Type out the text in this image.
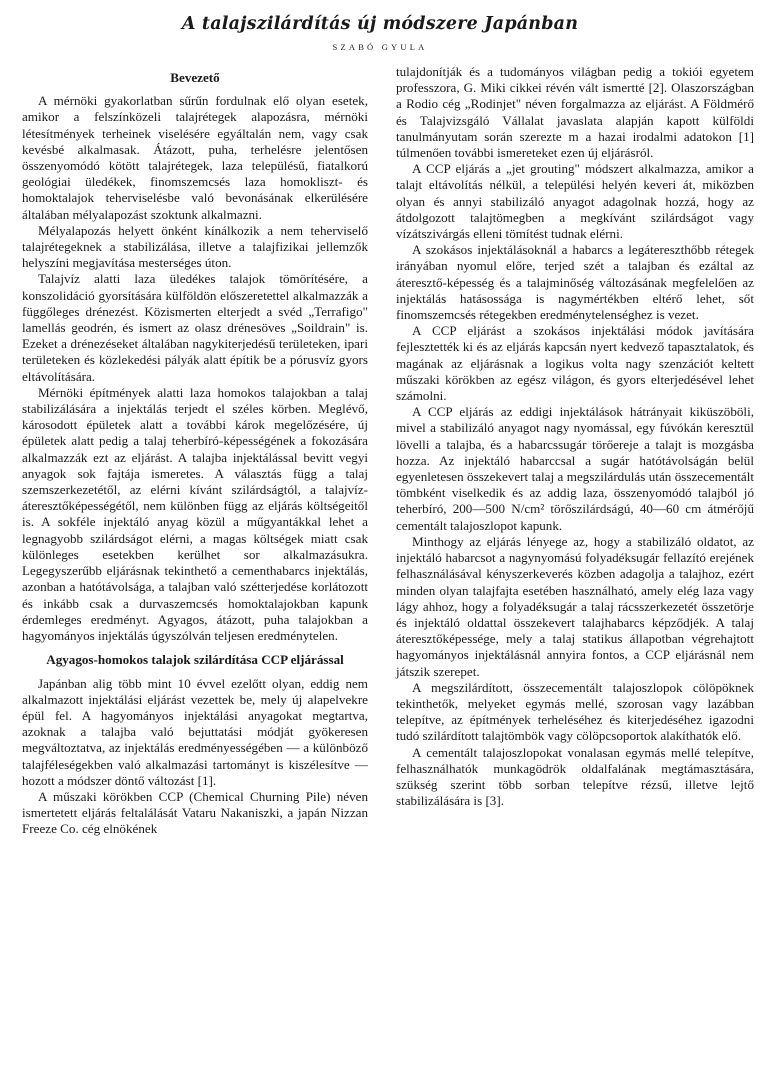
A talajszilárdítás új módszere Japánban
SZABÓ GYULA
Bevezető

A mérnöki gyakorlatban sűrűn fordulnak elő olyan esetek, amikor a felszínközeli talajrétegek alapozásra, mérnöki létesítmények terheinek viselésére egyáltalán nem, vagy csak kevésbé alkalmasak. Átázott, puha, terhelésre jelentősen összenyomódó kötött talajrétegek, laza településű, fiatalkorú geológiai üledékek, finomszemcsés laza homokliszt- és homoktalajok teherviselésbe való bevonásának elkerülésére általában mélyalapozást szoktunk alkalmazni.

Mélyalapozás helyett önként kínálkozik a nem teherviselő talajrétegeknek a stabilizálása, illetve a talajfizikai jellemzők helyszíni megjavítása mesterséges úton.

Talajvíz alatti laza üledékes talajok tömörítésére, a konszolidáció gyorsítására külföldön előszeretettel alkalmazzák a függőleges drénezést. Közismerten elterjedt a svéd „Terrafigo" lamellás geodrén, és ismert az olasz drénesöves „Soildrain" is. Ezeket a drénezéseket általában nagykiterjedésű területeken, ipari területeken és közlekedési pályák alatt építik be a pórusvíz gyors eltávolítására.

Mérnöki építmények alatti laza homokos talajokban a talaj stabilizálására a injektálás terjedt el széles körben. Meglévő, károsodott épületek alatt a további károk megelőzésére, új épületek alatt pedig a talaj teherbíró-képességének a fokozására alkalmazzák ezt az eljárást. A talajba injektálással bevitt vegyi anyagok sok fajtája ismeretes. A választás függ a talaj szemszerkezetétől, az elérni kívánt szilárdságtól, a talajvíz-áteresztőképességétől, nem különben függ az eljárás költségeitől is. A sokféle injektáló anyag közül a műgyantákkal lehet a legnagyobb szilárdságot elérni, a magas költségek miatt csak különleges esetekben kerülhet sor alkalmazásukra. Legegyszerűbb eljárásnak tekinthető a cementhabarcs injektálás, azonban a hatótávolsága, a talajban való szétterjedése korlátozott és inkább csak a durvaszemcsés homoktalajokban kapunk érdemleges eredményt. Agyagos, átázott, puha talajokban a hagyományos injektálás úgyszólván teljesen eredménytelen.

Agyagos-homokos talajok szilárdítása CCP eljárással

Japánban alig több mint 10 évvel ezelőtt olyan, eddig nem alkalmazott injektálási eljárást vezettek be, mely új alapelvekre épül fel. A hagyományos injektálási anyagokat megtartva, azoknak a talajba való bejuttatási módját gyökeresen megváltoztatva, az injektálás eredményességében — a különböző talajféleségekben való alkalmazási tartományt is kiszélesítve — hozott a módszer döntő változást [1].

A műszaki körökben CCP (Chemical Churning Pile) néven ismertetett eljárás feltalálását Vataru Nakaniszki, a japán Nizzan Freeze Co. cég elnökének

tulajdonítják és a tudományos világban pedig a tokiói egyetem professzora, G. Miki cikkei révén vált ismertté [2]. Olaszországban a Rodio cég „Rodinjet" néven forgalmazza az eljárást. A Földmérő és Talajvizsgáló Vállalat javaslata alapján kapott külföldi tanulmányutam során szerezte m a hazai irodalmi adatokon [1] túlmenően további ismereteket ezen új eljárásról.

A CCP eljárás a „jet grouting" módszert alkalmazza, amikor a talajt eltávolítás nélkül, a települési helyén keveri át, miközben olyan és annyi stabilizáló anyagot adagolnak hozzá, hogy az átdolgozott talajtömegben a megkívánt szilárdságot vagy vízátszivárgás elleni tömítést tudnak elérni.

A szokásos injektálásoknál a habarcs a legátereszthőbb rétegek irányában nyomul előre, terjed szét a talajban és ezáltal az áteresztő-képesség és a talajminőség változásának megfelelően az injektálás hatásossága is nagymértékben eltérő lehet, sőt finomszemcsés rétegekben eredménytelenséghez is vezet.

A CCP eljárást a szokásos injektálási módok javítására fejlesztették ki és az eljárás kapcsán nyert kedvező tapasztalatok, és magának az eljárásnak a logikus volta nagy szenzációt keltett műszaki körökben az egész világon, és gyors elterjedésével lehet számolni.

A CCP eljárás az eddigi injektálások hátrányait kiküszöböli, mivel a stabilizáló anyagot nagy nyomással, egy fúvókán keresztül lövelli a talajba, és a habarcssugár törőereje a talajt is mozgásba hozza. Az injektáló habarccsal a sugár hatótávolságán belül egyenletesen összekevert talaj a megszilárdulás után összecementált tömbként viselkedik és az addig laza, összenyomódó talajból jó teherbíró, 200—500 N/cm² törőszilárdságú, 40—60 cm átmérőjű cementált talajoszlopot kapunk.

Minthogy az eljárás lényege az, hogy a stabilizáló oldatot, az injektáló habarcsot a nagynyomású folyadéksugár fellazító erejének felhasználásával kényszerkeverés közben adagolja a talajhoz, ezért minden olyan talajfajta esetében használható, amely elég laza vagy lágy ahhoz, hogy a folyadéksugár a talaj rácsszerkezetét összetörje és injektáló oldattal összekevert talajhabarcs képződjék. A talaj áteresztőképessége, mely a talaj statikus állapotban végrehajtott hagyományos injektálásnál annyira fontos, a CCP eljárásnál nem játszik szerepet.

A megszilárdított, összecementált talajoszlopok cölöpöknek tekinthetők, melyeket egymás mellé, szorosan vagy lazábban telepítve, az építmények terheléséhez és kiterjedéséhez igazodni tudó szilárdított talajtömbök vagy cölöpcsoportok alakíthatók elő.

A cementált talajoszlopokat vonalasan egymás mellé telepítve, felhasználhatók munkagödrök oldalfalának megtámasztására, szükség szerint több sorban telepítve rézsű, illetve lejtő stabilizálására is [3].
